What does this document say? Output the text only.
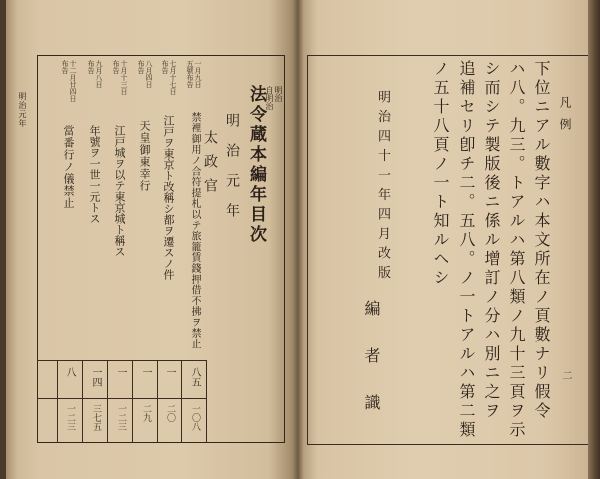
明治元年	明治
自明治
法令蔵本編年目次
明治元年
太政官
一月九日
五號布告
禁裡御用ノ合符提札以テ旅籠賃錢押借不拂ヲ禁止
八五
一〇八
七月十七日
布告
江戸ヲ東京ト改稱シ都ヲ遷スノ件
一
二〇
八月四日
布告
天皇御東幸行
一
二九
十月十三日
布告
江戸城ヲ以テ東京城ト稱ス
一
一二三
九月八日
布告
年號ヲ一世一元トス
一四
三七五
十二月廿四日
布告
當番行ノ儀禁止
八
一二三
凡例
二
下位ニアル數字ハ本文所在ノ頁數ナリ假令
ハ八。九三。トアルハ第八類ノ九十三頁ヲ示
シ而シテ製版後ニ係ル增訂ノ分ハ別ニ之ヲ
追補セリ卽チ二。五八。ノ一トアルハ第二類
ノ五十八頁ノ一ト知ルヘシ
明治四十一年四月改版
編者識
